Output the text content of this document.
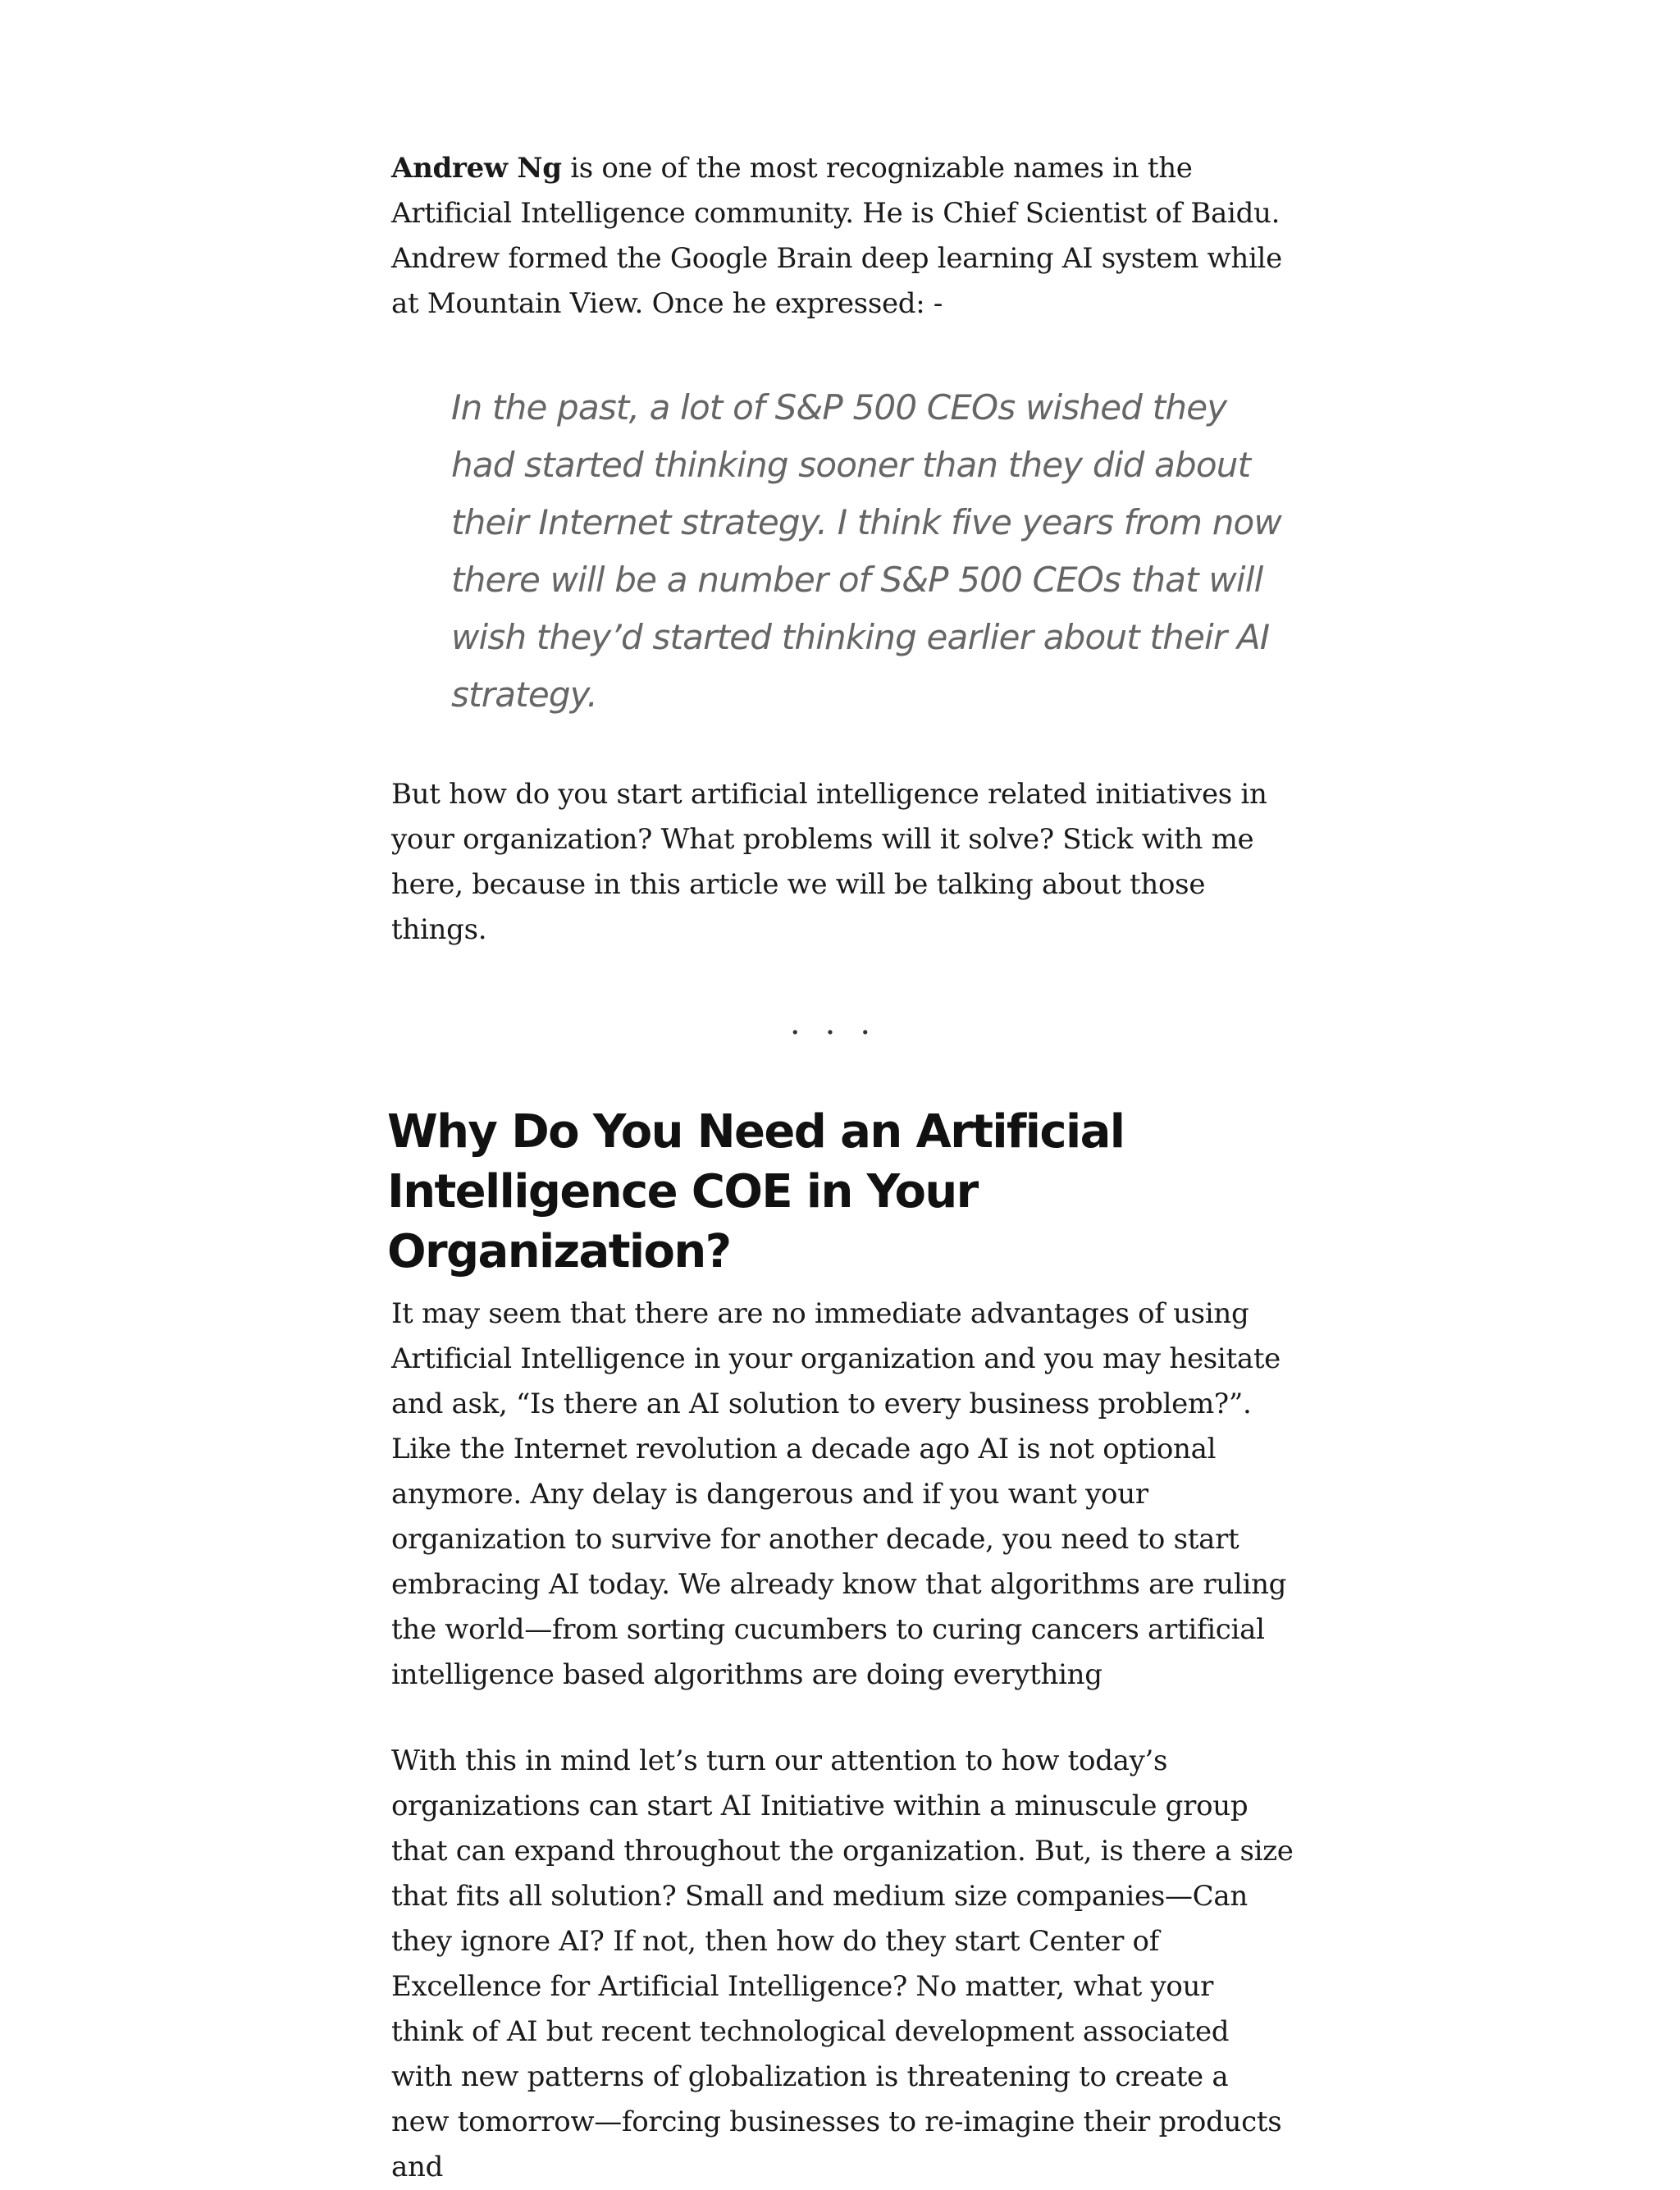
Andrew Ng is one of the most recognizable names in the Artificial Intelligence community. He is Chief Scientist of Baidu. Andrew formed the Google Brain deep learning AI system while at Mountain View. Once he expressed: -

In the past, a lot of S&P 500 CEOs wished they had started thinking sooner than they did about their Internet strategy. I think five years from now there will be a number of S&P 500 CEOs that will wish they’d started thinking earlier about their AI strategy.

But how do you start artificial intelligence related initiatives in your organization? What problems will it solve? Stick with me here, because in this article we will be talking about those things.

...
Why Do You Need an Artificial Intelligence COE in Your Organization?

It may seem that there are no immediate advantages of using Artificial Intelligence in your organization and you may hesitate and ask, “Is there an AI solution to every business problem?”. Like the Internet revolution a decade ago AI is not optional anymore. Any delay is dangerous and if you want your organization to survive for another decade, you need to start embracing AI today. We already know that algorithms are ruling the world—from sorting cucumbers to curing cancers artificial intelligence based algorithms are doing everything

With this in mind let’s turn our attention to how today’s organizations can start AI Initiative within a minuscule group that can expand throughout the organization. But, is there a size that fits all solution? Small and medium size companies—Can they ignore AI? If not, then how do they start Center of Excellence for Artificial Intelligence? No matter, what your think of AI but recent technological development associated with new patterns of globalization is threatening to create a new tomorrow—forcing businesses to re-imagine their products and
